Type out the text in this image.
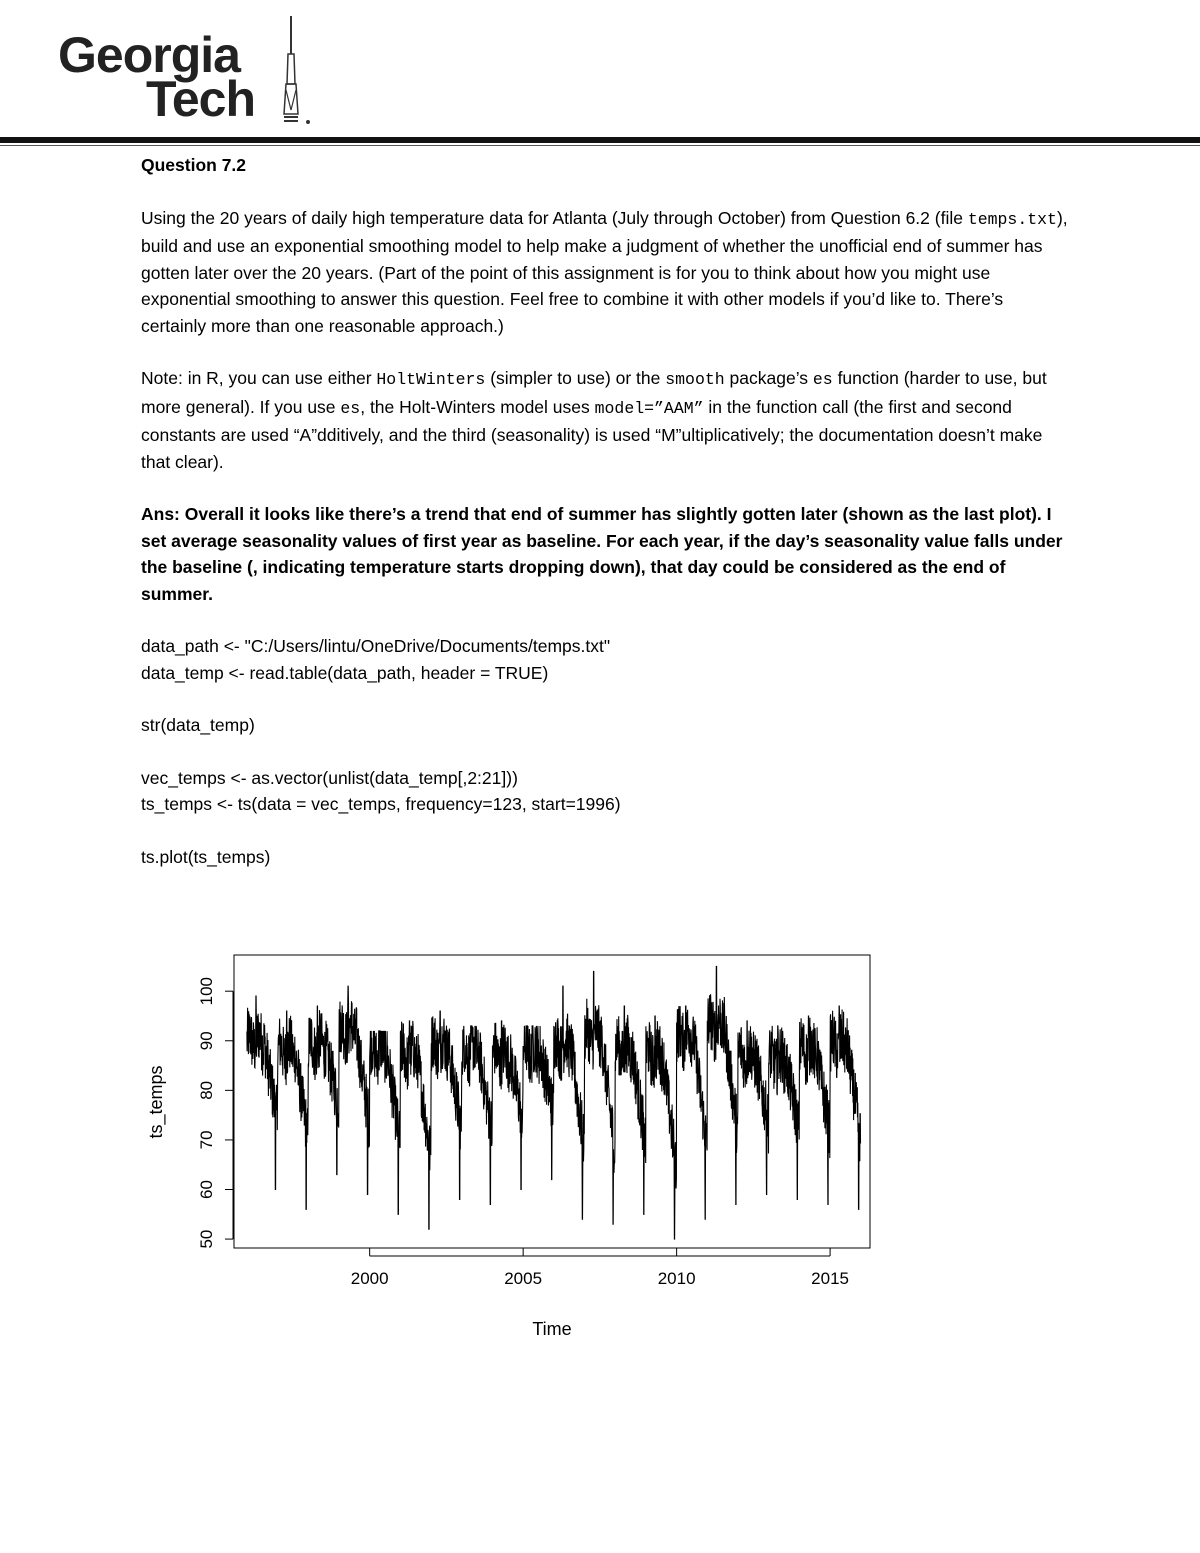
Georgia
Tech

Question 7.2

Using the 20 years of daily high temperature data for Atlanta (July through October) from Question 6.2 (file temps.txt), build and use an exponential smoothing model to help make a judgment of whether the unofficial end of summer has gotten later over the 20 years. (Part of the point of this assignment is for you to think about how you might use exponential smoothing to answer this question. Feel free to combine it with other models if you’d like to. There’s certainly more than one reasonable approach.)

Note: in R, you can use either HoltWinters (simpler to use) or the smooth package’s es function (harder to use, but more general). If you use es, the Holt-Winters model uses model=”AAM” in the function call (the first and second constants are used “A”dditively, and the third (seasonality) is used “M”ultiplicatively; the documentation doesn’t make that clear).

Ans: Overall it looks like there’s a trend that end of summer has slightly gotten later (shown as the last plot). I set average seasonality values of first year as baseline. For each year, if the day’s seasonality value falls under the baseline (, indicating temperature starts dropping down), that day could be considered as the end of summer.

data_path <- "C:/Users/lintu/OneDrive/Documents/temps.txt"

data_temp <- read.table(data_path, header = TRUE)

str(data_temp)

vec_temps <- as.vector(unlist(data_temp[,2:21]))

ts_temps <- ts(data = vec_temps, frequency=123, start=1996)

ts.plot(ts_temps)

2000	2005	2010	2015
50
60
70
80
90
100
Time
ts_temps
